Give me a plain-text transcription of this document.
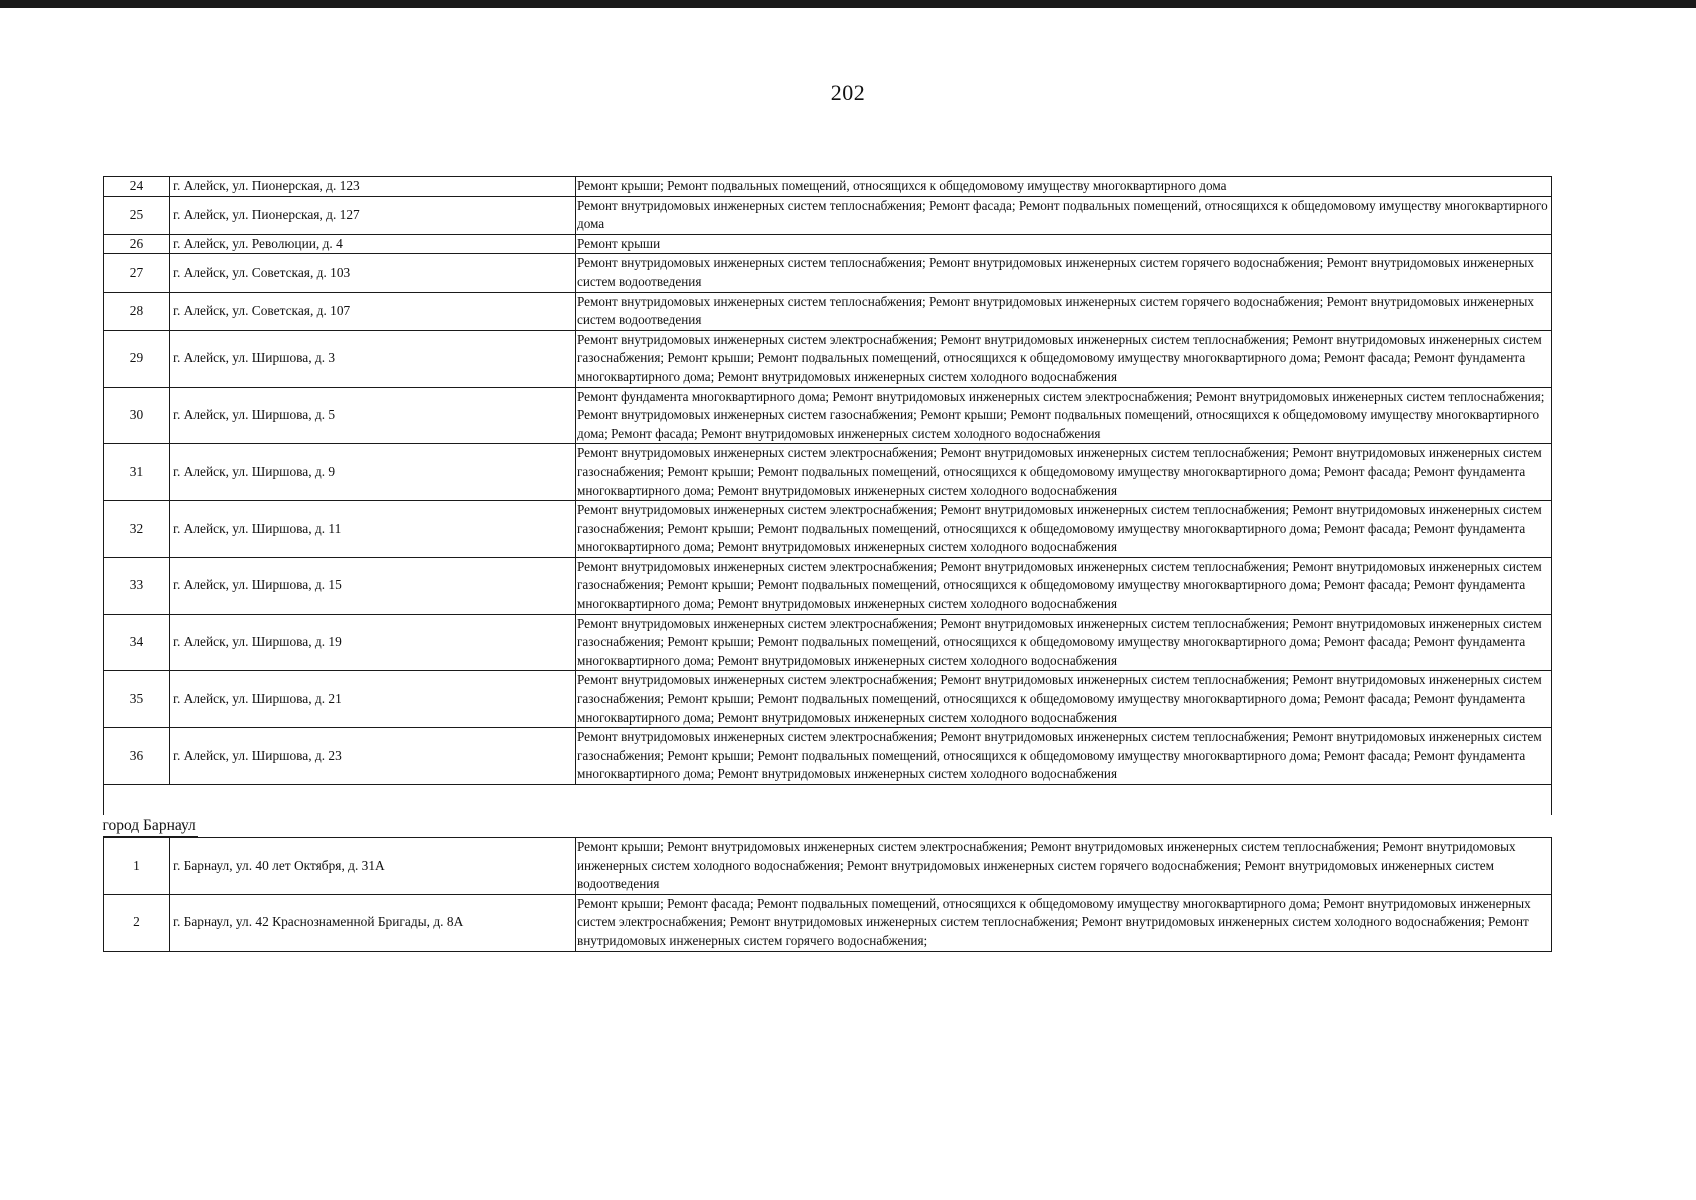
202
24	г. Алейск, ул. Пионерская, д. 123	Ремонт крыши; Ремонт подвальных помещений, относящихся к общедомовому имуществу многоквартирного дома
25	г. Алейск, ул. Пионерская, д. 127	Ремонт внутридомовых инженерных систем теплоснабжения; Ремонт фасада; Ремонт подвальных помещений, относящихся к общедомовому имуществу многоквартирного дома
26	г. Алейск, ул. Революции, д. 4	Ремонт крыши
27	г. Алейск, ул. Советская, д. 103	Ремонт внутридомовых инженерных систем теплоснабжения; Ремонт внутридомовых инженерных систем горячего водоснабжения; Ремонт внутридомовых инженерных систем водоотведения
28	г. Алейск, ул. Советская, д. 107	Ремонт внутридомовых инженерных систем теплоснабжения; Ремонт внутридомовых инженерных систем горячего водоснабжения; Ремонт внутридомовых инженерных систем водоотведения
29	г. Алейск, ул. Ширшова, д. 3	Ремонт внутридомовых инженерных систем электроснабжения; Ремонт внутридомовых инженерных систем теплоснабжения; Ремонт внутридомовых инженерных систем газоснабжения; Ремонт крыши; Ремонт подвальных помещений, относящихся к общедомовому имуществу многоквартирного дома; Ремонт фасада; Ремонт фундамента многоквартирного дома; Ремонт внутридомовых инженерных систем холодного водоснабжения
30	г. Алейск, ул. Ширшова, д. 5	Ремонт фундамента многоквартирного дома; Ремонт внутридомовых инженерных систем электроснабжения; Ремонт внутридомовых инженерных систем теплоснабжения; Ремонт внутридомовых инженерных систем газоснабжения; Ремонт крыши; Ремонт подвальных помещений, относящихся к общедомовому имуществу многоквартирного дома; Ремонт фасада; Ремонт внутридомовых инженерных систем холодного водоснабжения
31	г. Алейск, ул. Ширшова, д. 9	Ремонт внутридомовых инженерных систем электроснабжения; Ремонт внутридомовых инженерных систем теплоснабжения; Ремонт внутридомовых инженерных систем газоснабжения; Ремонт крыши; Ремонт подвальных помещений, относящихся к общедомовому имуществу многоквартирного дома; Ремонт фасада; Ремонт фундамента многоквартирного дома; Ремонт внутридомовых инженерных систем холодного водоснабжения
32	г. Алейск, ул. Ширшова, д. 11	Ремонт внутридомовых инженерных систем электроснабжения; Ремонт внутридомовых инженерных систем теплоснабжения; Ремонт внутридомовых инженерных систем газоснабжения; Ремонт крыши; Ремонт подвальных помещений, относящихся к общедомовому имуществу многоквартирного дома; Ремонт фасада; Ремонт фундамента многоквартирного дома; Ремонт внутридомовых инженерных систем холодного водоснабжения
33	г. Алейск, ул. Ширшова, д. 15	Ремонт внутридомовых инженерных систем электроснабжения; Ремонт внутридомовых инженерных систем теплоснабжения; Ремонт внутридомовых инженерных систем газоснабжения; Ремонт крыши; Ремонт подвальных помещений, относящихся к общедомовому имуществу многоквартирного дома; Ремонт фасада; Ремонт фундамента многоквартирного дома; Ремонт внутридомовых инженерных систем холодного водоснабжения
34	г. Алейск, ул. Ширшова, д. 19	Ремонт внутридомовых инженерных систем электроснабжения; Ремонт внутридомовых инженерных систем теплоснабжения; Ремонт внутридомовых инженерных систем газоснабжения; Ремонт крыши; Ремонт подвальных помещений, относящихся к общедомовому имуществу многоквартирного дома; Ремонт фасада; Ремонт фундамента многоквартирного дома; Ремонт внутридомовых инженерных систем холодного водоснабжения
35	г. Алейск, ул. Ширшова, д. 21	Ремонт внутридомовых инженерных систем электроснабжения; Ремонт внутридомовых инженерных систем теплоснабжения; Ремонт внутридомовых инженерных систем газоснабжения; Ремонт крыши; Ремонт подвальных помещений, относящихся к общедомовому имуществу многоквартирного дома; Ремонт фасада; Ремонт фундамента многоквартирного дома; Ремонт внутридомовых инженерных систем холодного водоснабжения
36	г. Алейск, ул. Ширшова, д. 23	Ремонт внутридомовых инженерных систем электроснабжения; Ремонт внутридомовых инженерных систем теплоснабжения; Ремонт внутридомовых инженерных систем газоснабжения; Ремонт крыши; Ремонт подвальных помещений, относящихся к общедомовому имуществу многоквартирного дома; Ремонт фасада; Ремонт фундамента многоквартирного дома; Ремонт внутридомовых инженерных систем холодного водоснабжения

город Барнаул		
1	г. Барнаул, ул. 40 лет Октября, д. 31А	Ремонт крыши; Ремонт внутридомовых инженерных систем электроснабжения; Ремонт внутридомовых инженерных систем теплоснабжения; Ремонт внутридомовых инженерных систем холодного водоснабжения; Ремонт внутридомовых инженерных систем горячего водоснабжения; Ремонт внутридомовых инженерных систем водоотведения
2	г. Барнаул, ул. 42 Краснознаменной Бригады, д. 8А	Ремонт крыши; Ремонт фасада; Ремонт подвальных помещений, относящихся к общедомовому имуществу многоквартирного дома; Ремонт внутридомовых инженерных систем электроснабжения; Ремонт внутридомовых инженерных систем теплоснабжения; Ремонт внутридомовых инженерных систем холодного водоснабжения; Ремонт внутридомовых инженерных систем горячего водоснабжения;
